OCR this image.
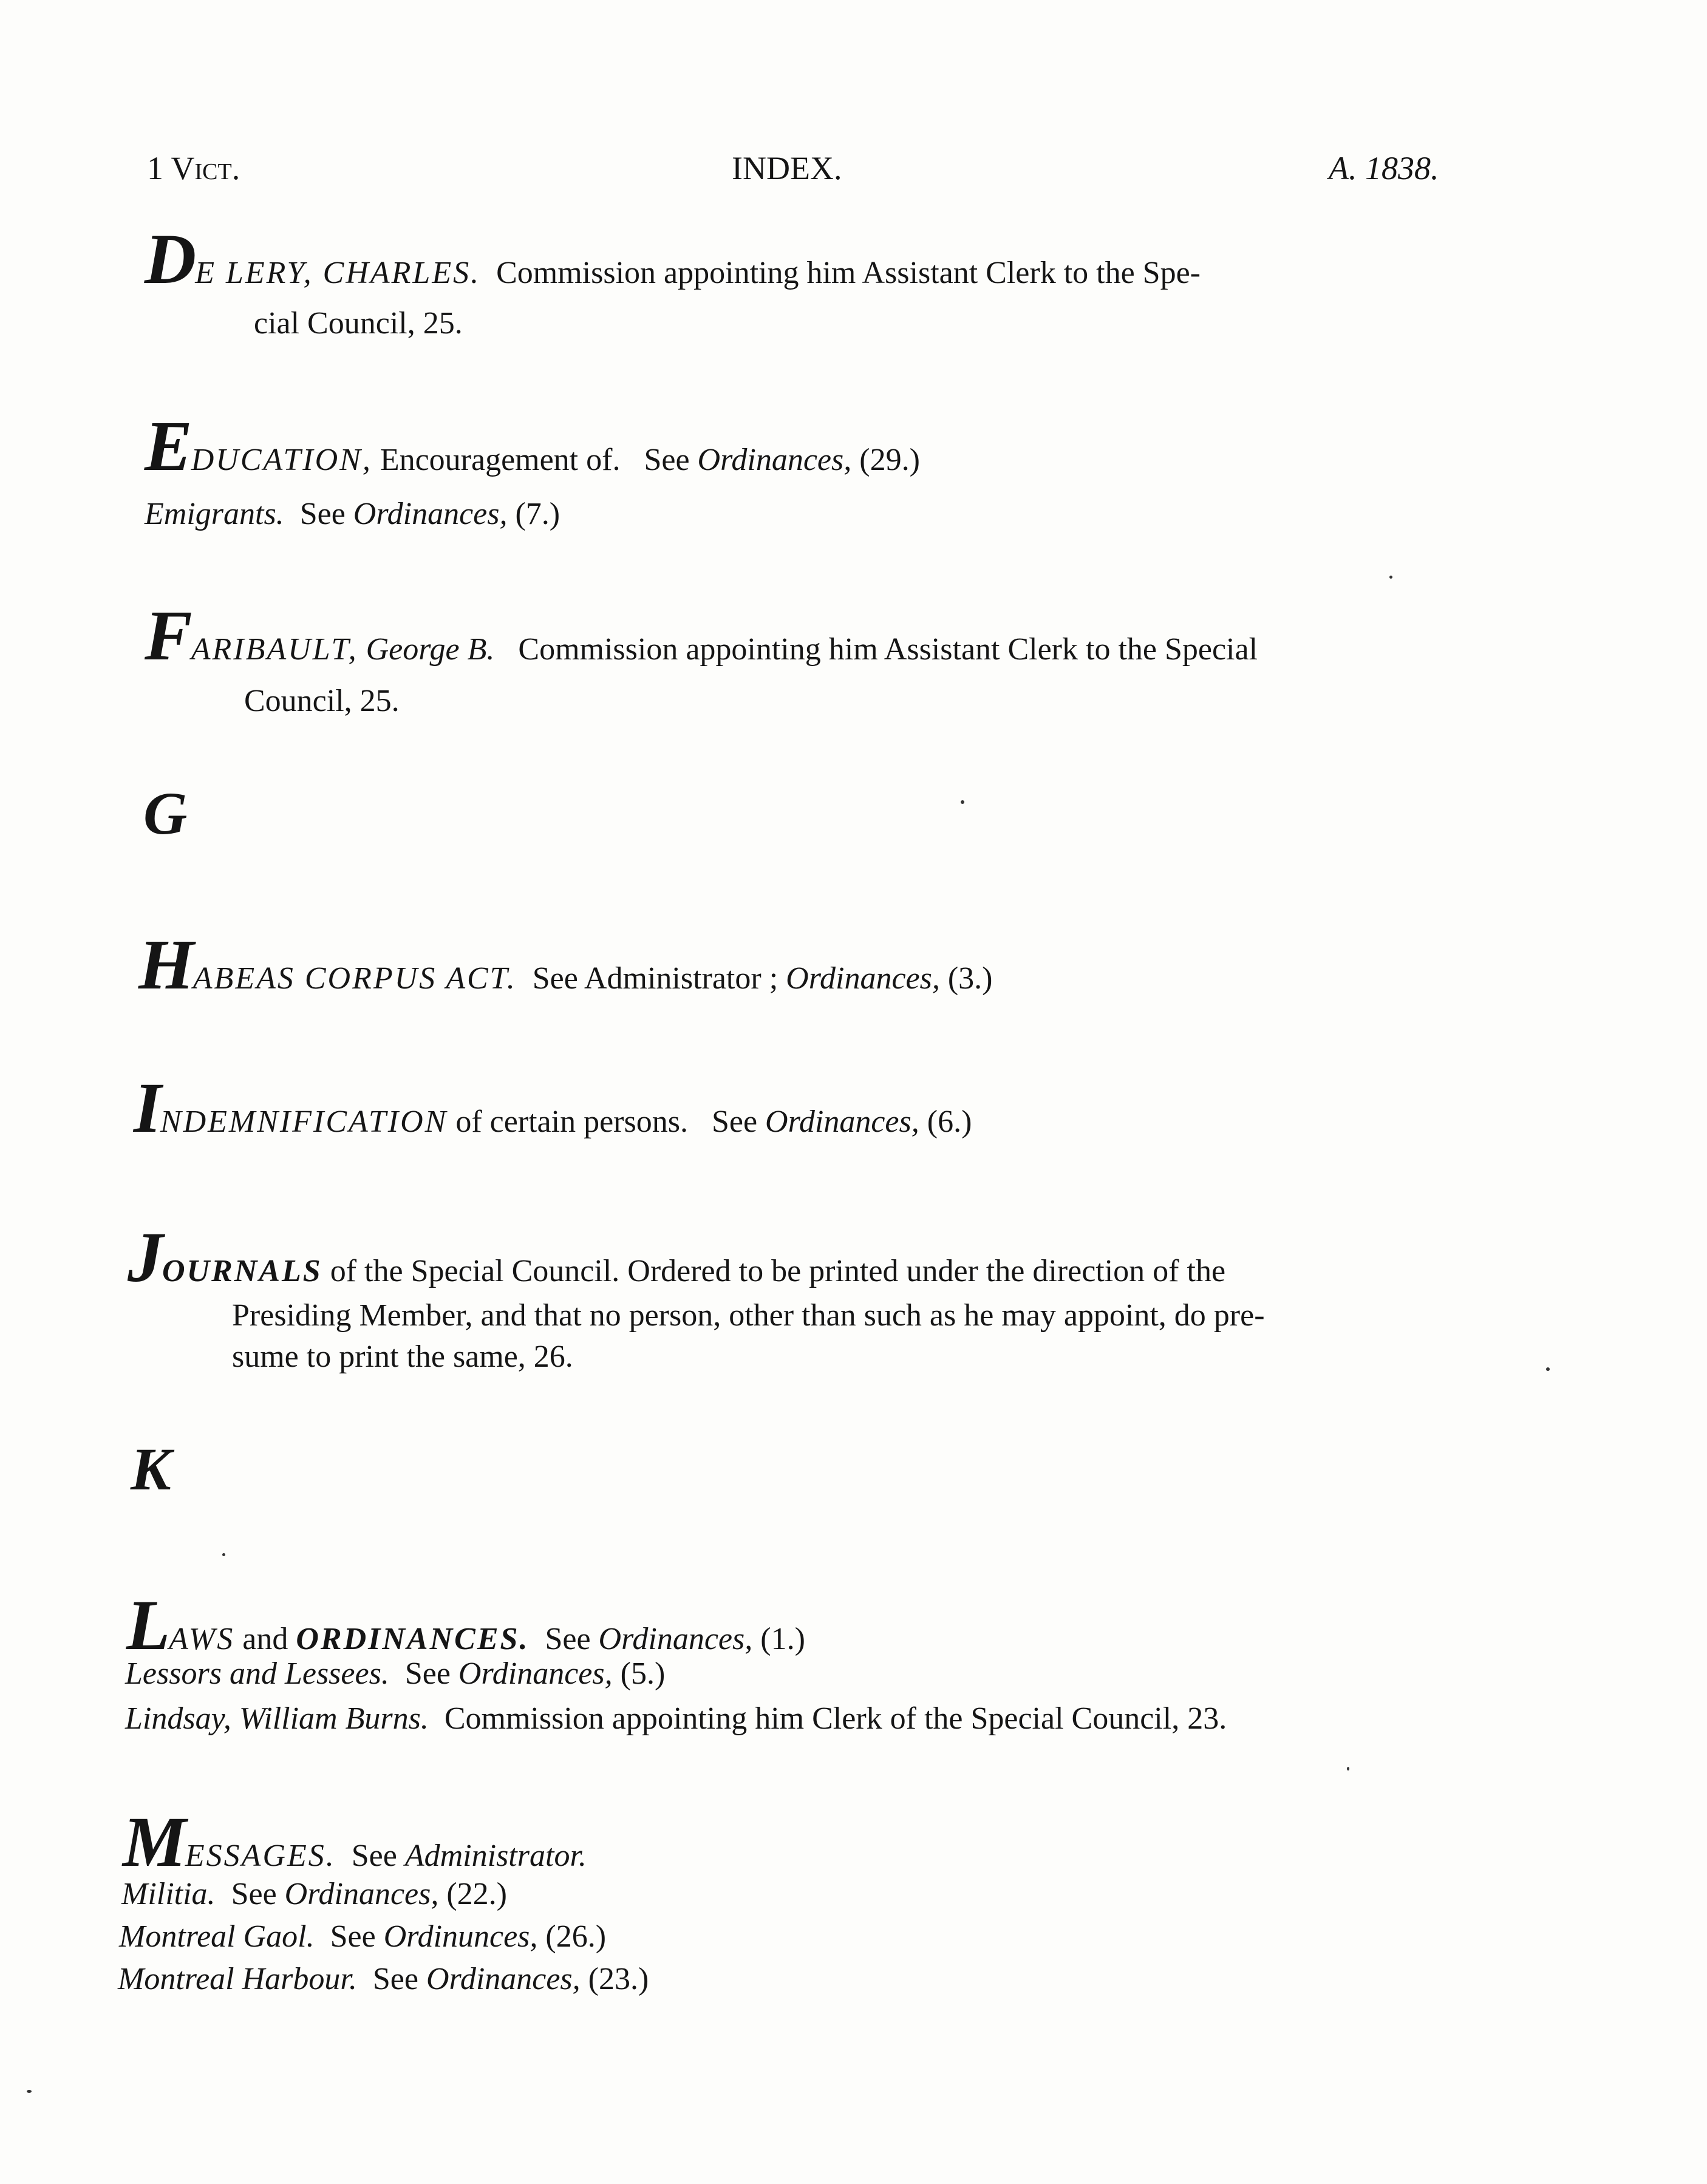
1 Vict.	INDEX.	A. 1838.
DE LERY, CHARLES. Commission appointing him Assistant Clerk to the Spe-
cial Council, 25.
EDUCATION, Encouragement of. See Ordinances, (29.)
Emigrants. See Ordinances, (7.)
FARIBAULT, George B. Commission appointing him Assistant Clerk to the Special
Council, 25.
G
HABEAS CORPUS ACT. See Administrator ; Ordinances, (3.)
INDEMNIFICATION of certain persons. See Ordinances, (6.)
JOURNALS of the Special Council. Ordered to be printed under the direction of the
Presiding Member, and that no person, other than such as he may appoint, do pre-
sume to print the same, 26.
K
LAWS and ORDINANCES. See Ordinances, (1.)
Lessors and Lessees. See Ordinances, (5.)
Lindsay, William Burns. Commission appointing him Clerk of the Special Council, 23.
MESSAGES. See Administrator.
Militia. See Ordinances, (22.)
Montreal Gaol. See Ordinunces, (26.)
Montreal Harbour. See Ordinances, (23.)
